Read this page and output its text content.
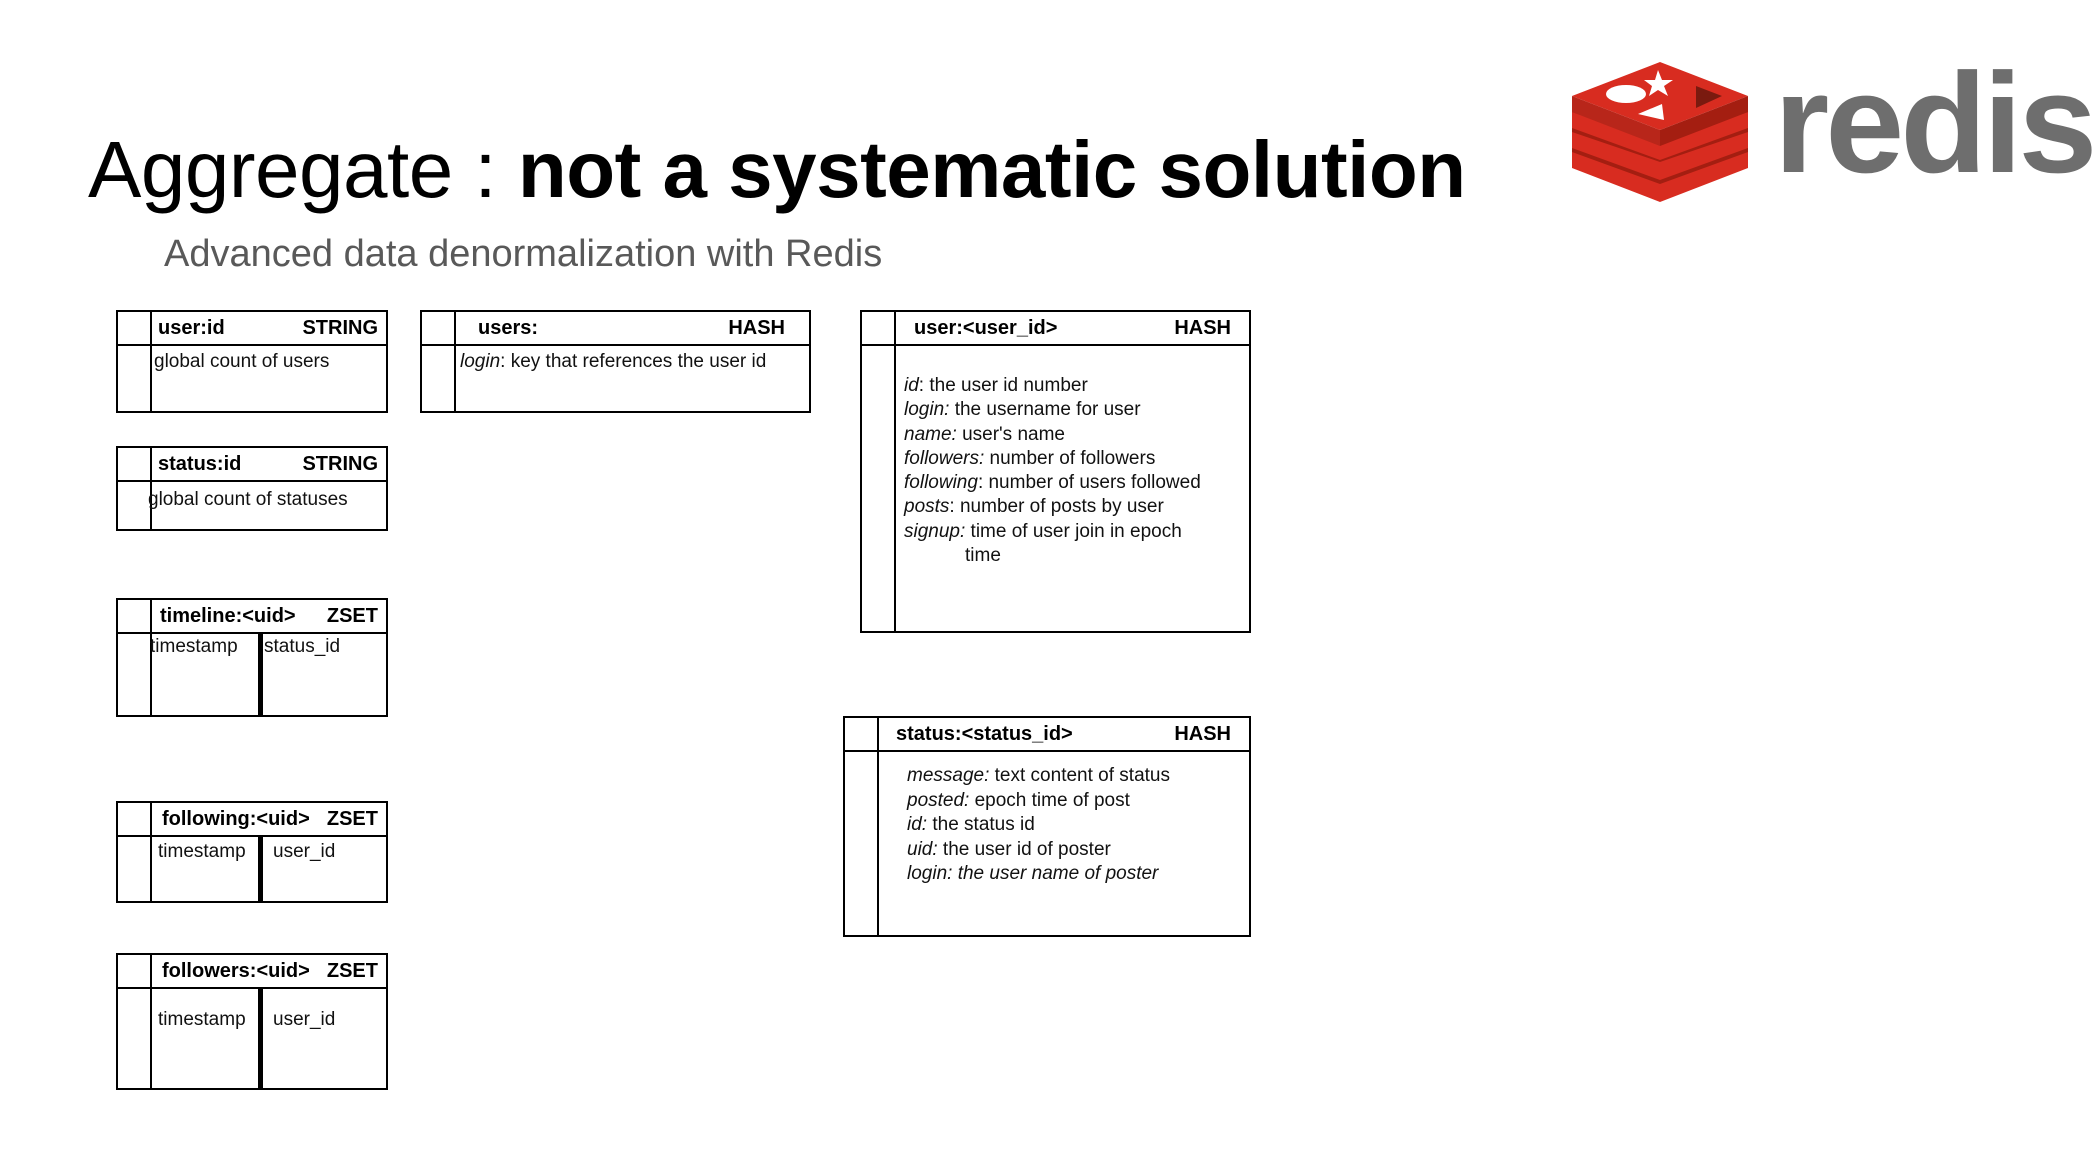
Aggregate : not a systematic solution
Advanced data denormalization with Redis
redis
user:id	STRING
global count of users
status:id	STRING
global count of statuses
timeline:<uid> ZSET
timestamp status_id
following:<uid> ZSET
timestamp user_id
followers:<uid> ZSET
timestamp user_id
users:	HASH
login: key that references the user id
user:<user_id>	HASH
id: the user id number
login: the username for user
name: user's name
followers: number of followers
following: number of users followed
posts: number of posts by user
signup: time of user join in epoch
time
status:<status_id>	HASH
message: text content of status
posted: epoch time of post
id: the status id
uid: the user id of poster
login: the user name of poster
